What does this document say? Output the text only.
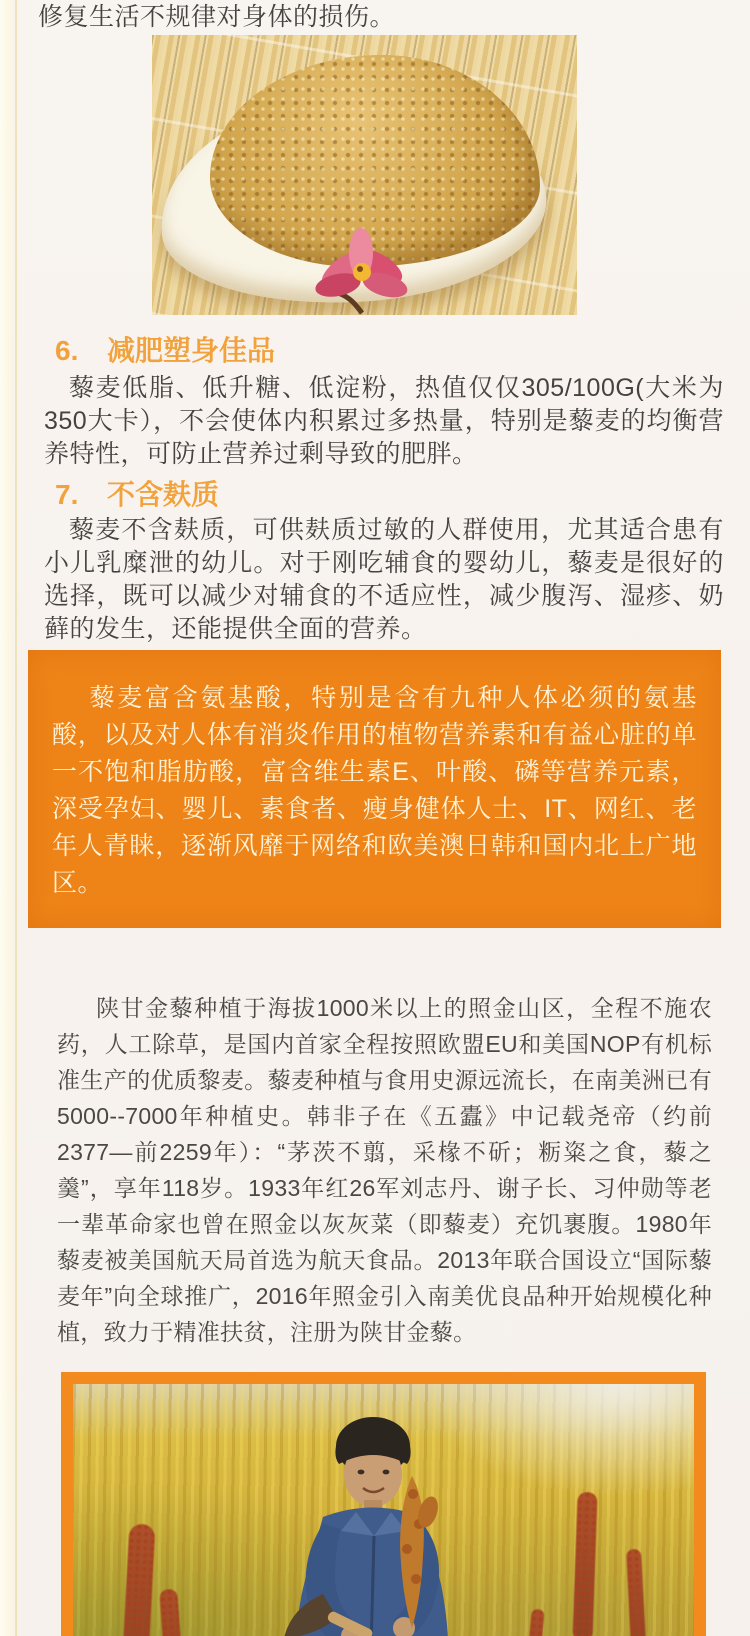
修复生活不规律对身体的损伤。

6. 减肥塑身佳品

藜麦低脂、低升糖、低淀粉，热值仅仅305/100G(大米为350大卡），不会使体内积累过多热量，特别是藜麦的均衡营养特性，可防止营养过剩导致的肥胖。

7. 不含麸质

藜麦不含麸质，可供麸质过敏的人群使用，尤其适合患有小儿乳糜泄的幼儿。对于刚吃辅食的婴幼儿，藜麦是很好的选择，既可以减少对辅食的不适应性，减少腹泻、湿疹、奶藓的发生，还能提供全面的营养。

藜麦富含氨基酸，特别是含有九种人体必须的氨基酸，以及对人体有消炎作用的植物营养素和有益心脏的单一不饱和脂肪酸，富含维生素E、叶酸、磷等营养元素，深受孕妇、婴儿、素食者、瘦身健体人士、IT、网红、老年人青睐，逐渐风靡于网络和欧美澳日韩和国内北上广地区。

陕甘金藜种植于海拔1000米以上的照金山区，全程不施农药，人工除草，是国内首家全程按照欧盟EU和美国NOP有机标准生产的优质黎麦。藜麦种植与食用史源远流长，在南美洲已有5000--7000年种植史。韩非子在《五蠹》中记载尧帝（约前2377—前2259年）：“茅茨不翦，采椽不斫；粝粢之食，藜之羹”，享年118岁。1933年红26军刘志丹、谢子长、习仲勋等老一辈革命家也曾在照金以灰灰菜（即藜麦）充饥裹腹。1980年藜麦被美国航天局首选为航天食品。2013年联合国设立“国际藜麦年”向全球推广，2016年照金引入南美优良品种开始规模化种植，致力于精准扶贫，注册为陕甘金藜。
